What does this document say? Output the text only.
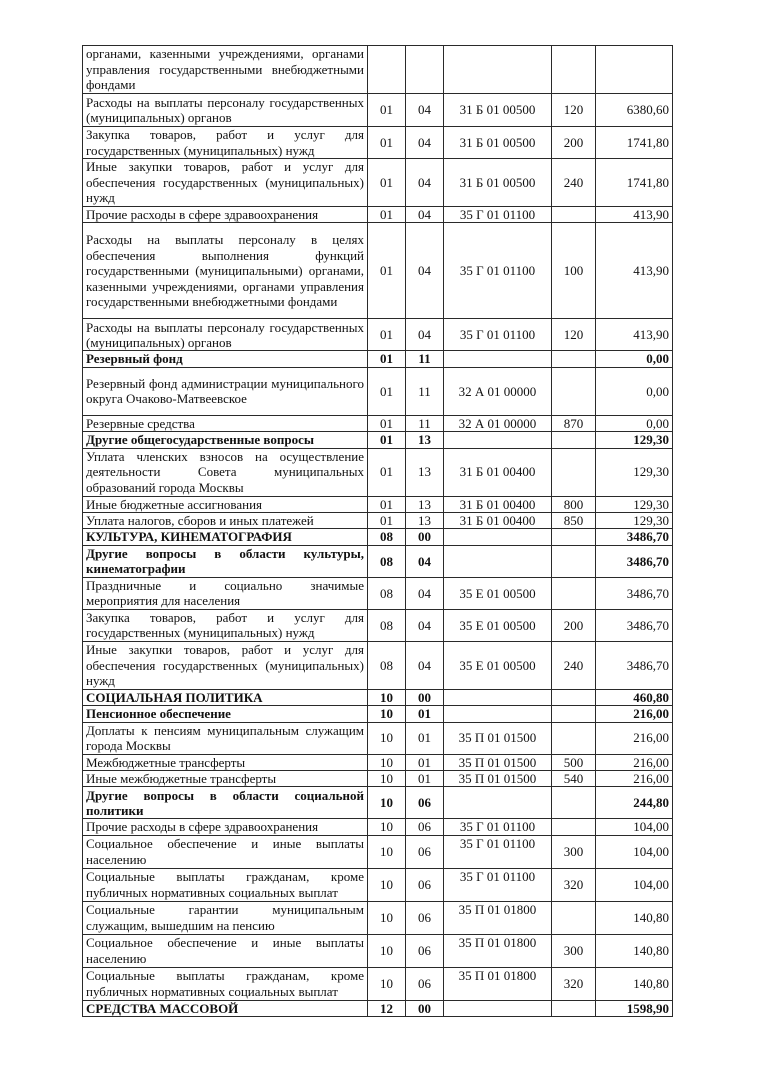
органами, казенными учреждениями, органами управления государственными внебюджетными фондами					
Расходы на выплаты персоналу государственных (муниципальных) органов	01	04	31 Б 01 00500	120	6380,60
Закупка товаров, работ и услуг для государственных (муниципальных) нужд	01	04	31 Б 01 00500	200	1741,80
Иные закупки товаров, работ и услуг для обеспечения государственных (муниципальных) нужд	01	04	31 Б 01 00500	240	1741,80
Прочие расходы в сфере здравоохранения	01	04	35 Г 01 01100		413,90
Расходы на выплаты персоналу в целях обеспечения выполнения функций государственными (муниципальными) органами, казенными учреждениями, органами управления государственными внебюджетными фондами	01	04	35 Г 01 01100	100	413,90
Расходы на выплаты персоналу государственных (муниципальных) органов	01	04	35 Г 01 01100	120	413,90
Резервный фонд	01	11			0,00
Резервный фонд администрации муниципального округа Очаково-Матвеевское	01	11	32 А 01 00000		0,00
Резервные средства	01	11	32 А 01 00000	870	0,00
Другие общегосударственные вопросы	01	13			129,30
Уплата членских взносов на осуществление деятельности Совета муниципальных образований города Москвы	01	13	31 Б 01 00400		129,30
Иные бюджетные ассигнования	01	13	31 Б 01 00400	800	129,30
Уплата налогов, сборов и иных платежей	01	13	31 Б 01 00400	850	129,30
КУЛЬТУРА, КИНЕМАТОГРАФИЯ	08	00			3486,70
Другие вопросы в области культуры, кинематографии	08	04			3486,70
Праздничные и социально значимые мероприятия для населения	08	04	35 Е 01 00500		3486,70
Закупка товаров, работ и услуг для государственных (муниципальных) нужд	08	04	35 Е 01 00500	200	3486,70
Иные закупки товаров, работ и услуг для обеспечения государственных (муниципальных) нужд	08	04	35 Е 01 00500	240	3486,70
СОЦИАЛЬНАЯ ПОЛИТИКА	10	00			460,80
Пенсионное обеспечение	10	01			216,00
Доплаты к пенсиям муниципальным служащим города Москвы	10	01	35 П 01 01500		216,00
Межбюджетные трансферты	10	01	35 П 01 01500	500	216,00
Иные межбюджетные трансферты	10	01	35 П 01 01500	540	216,00
Другие вопросы в области социальной политики	10	06			244,80
Прочие расходы в сфере здравоохранения	10	06	35 Г 01 01100		104,00
Социальное обеспечение и иные выплаты населению	10	06	35 Г 01 01100	300	104,00
Социальные выплаты гражданам, кроме публичных нормативных социальных выплат	10	06	35 Г 01 01100	320	104,00
Социальные гарантии муниципальным служащим, вышедшим на пенсию	10	06	35 П 01 01800		140,80
Социальное обеспечение и иные выплаты населению	10	06	35 П 01 01800	300	140,80
Социальные выплаты гражданам, кроме публичных нормативных социальных выплат	10	06	35 П 01 01800	320	140,80
СРЕДСТВА МАССОВОЙ	12	00			1598,90
